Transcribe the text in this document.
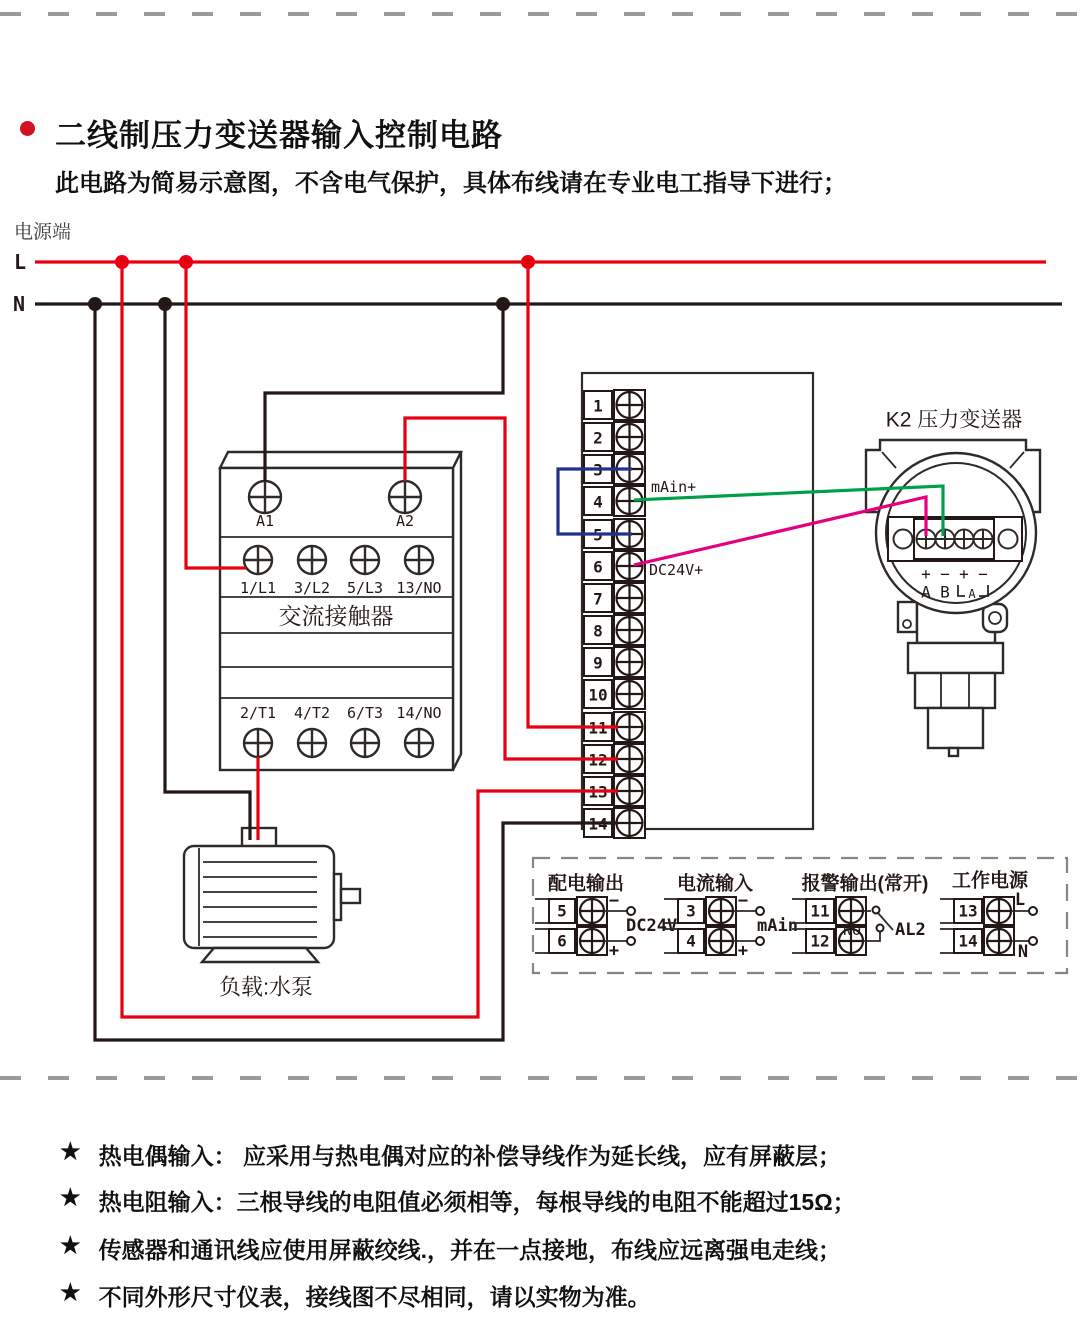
二线制压力变送器输入控制电路
此电路为简易示意图，不含电气保护，具体布线请在专业电工指导下进行；
电源端
A1	A2
1/L1 3/L2 5/L3 13/NO
交流接触器
2/T1 4/T2 6/T3 14/NO
负载:水泵
1
2
3
4
5
6
7
8
9
10
11
12
13
14
mAin+
DC24V+
K2 压力变送器
+ − + −
A B A
配电输出
5
6
−
+
DC24V
电流输入
3
4
−
+
mAin
报警输出(常开)
11
12
NO AL2
工作电源
13
14
L
N
L
N
★ 热电偶输入： 应采用与热电偶对应的补偿导线作为延长线，应有屏蔽层；
★ 热电阻输入：三根导线的电阻值必须相等，每根导线的电阻不能超过15Ω；
★ 传感器和通讯线应使用屏蔽绞线.，并在一点接地，布线应远离强电走线；
★ 不同外形尺寸仪表，接线图不尽相同，请以实物为准。
